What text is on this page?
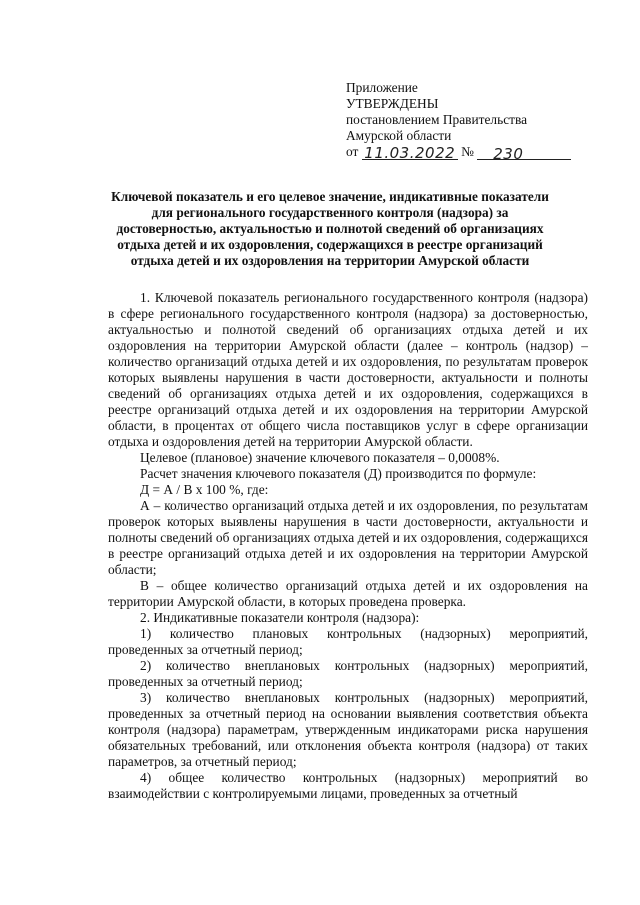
Приложение
УТВЕРЖДЕНЫ
постановлением Правительства
Амурской области
от 11.03.2022 № 230
Ключевой показатель и его целевое значение, индикативные показатели
для регионального государственного контроля (надзора) за
достоверностью, актуальностью и полнотой сведений об организациях
отдыха детей и их оздоровления, содержащихся в реестре организаций
отдыха детей и их оздоровления на территории Амурской области

1. Ключевой показатель регионального государственного контроля (надзора) в сфере регионального государственного контроля (надзора) за достоверностью, актуальностью и полнотой сведений об организациях отдыха детей и их оздоровления на территории Амурской области (далее – контроль (надзор) – количество организаций отдыха детей и их оздоровления, по результатам проверок которых выявлены нарушения в части достоверности, актуальности и полноты сведений об организациях отдыха детей и их оздоровления, содержащихся в реестре организаций отдыха детей и их оздоровления на территории Амурской области, в процентах от общего числа поставщиков услуг в сфере организации отдыха и оздоровления детей на территории Амурской области.

Целевое (плановое) значение ключевого показателя – 0,0008%.

Расчет значения ключевого показателя (Д) производится по формуле:

Д = А / В х 100 %, где:

А – количество организаций отдыха детей и их оздоровления, по результатам проверок которых выявлены нарушения в части достоверности, актуальности и полноты сведений об организациях отдыха детей и их оздоровления, содержащихся в реестре организаций отдыха детей и их оздоровления на территории Амурской области;

В – общее количество организаций отдыха детей и их оздоровления на территории Амурской области, в которых проведена проверка.

2. Индикативные показатели контроля (надзора):

1) количество плановых контрольных (надзорных) мероприятий, проведенных за отчетный период;

2) количество внеплановых контрольных (надзорных) мероприятий, проведенных за отчетный период;

3) количество внеплановых контрольных (надзорных) мероприятий, проведенных за отчетный период на основании выявления соответствия объекта контроля (надзора) параметрам, утвержденным индикаторами риска нарушения обязательных требований, или отклонения объекта контроля (надзора) от таких параметров, за отчетный период;

4) общее количество контрольных (надзорных) мероприятий во взаимодействии с контролируемыми лицами, проведенных за отчетный
